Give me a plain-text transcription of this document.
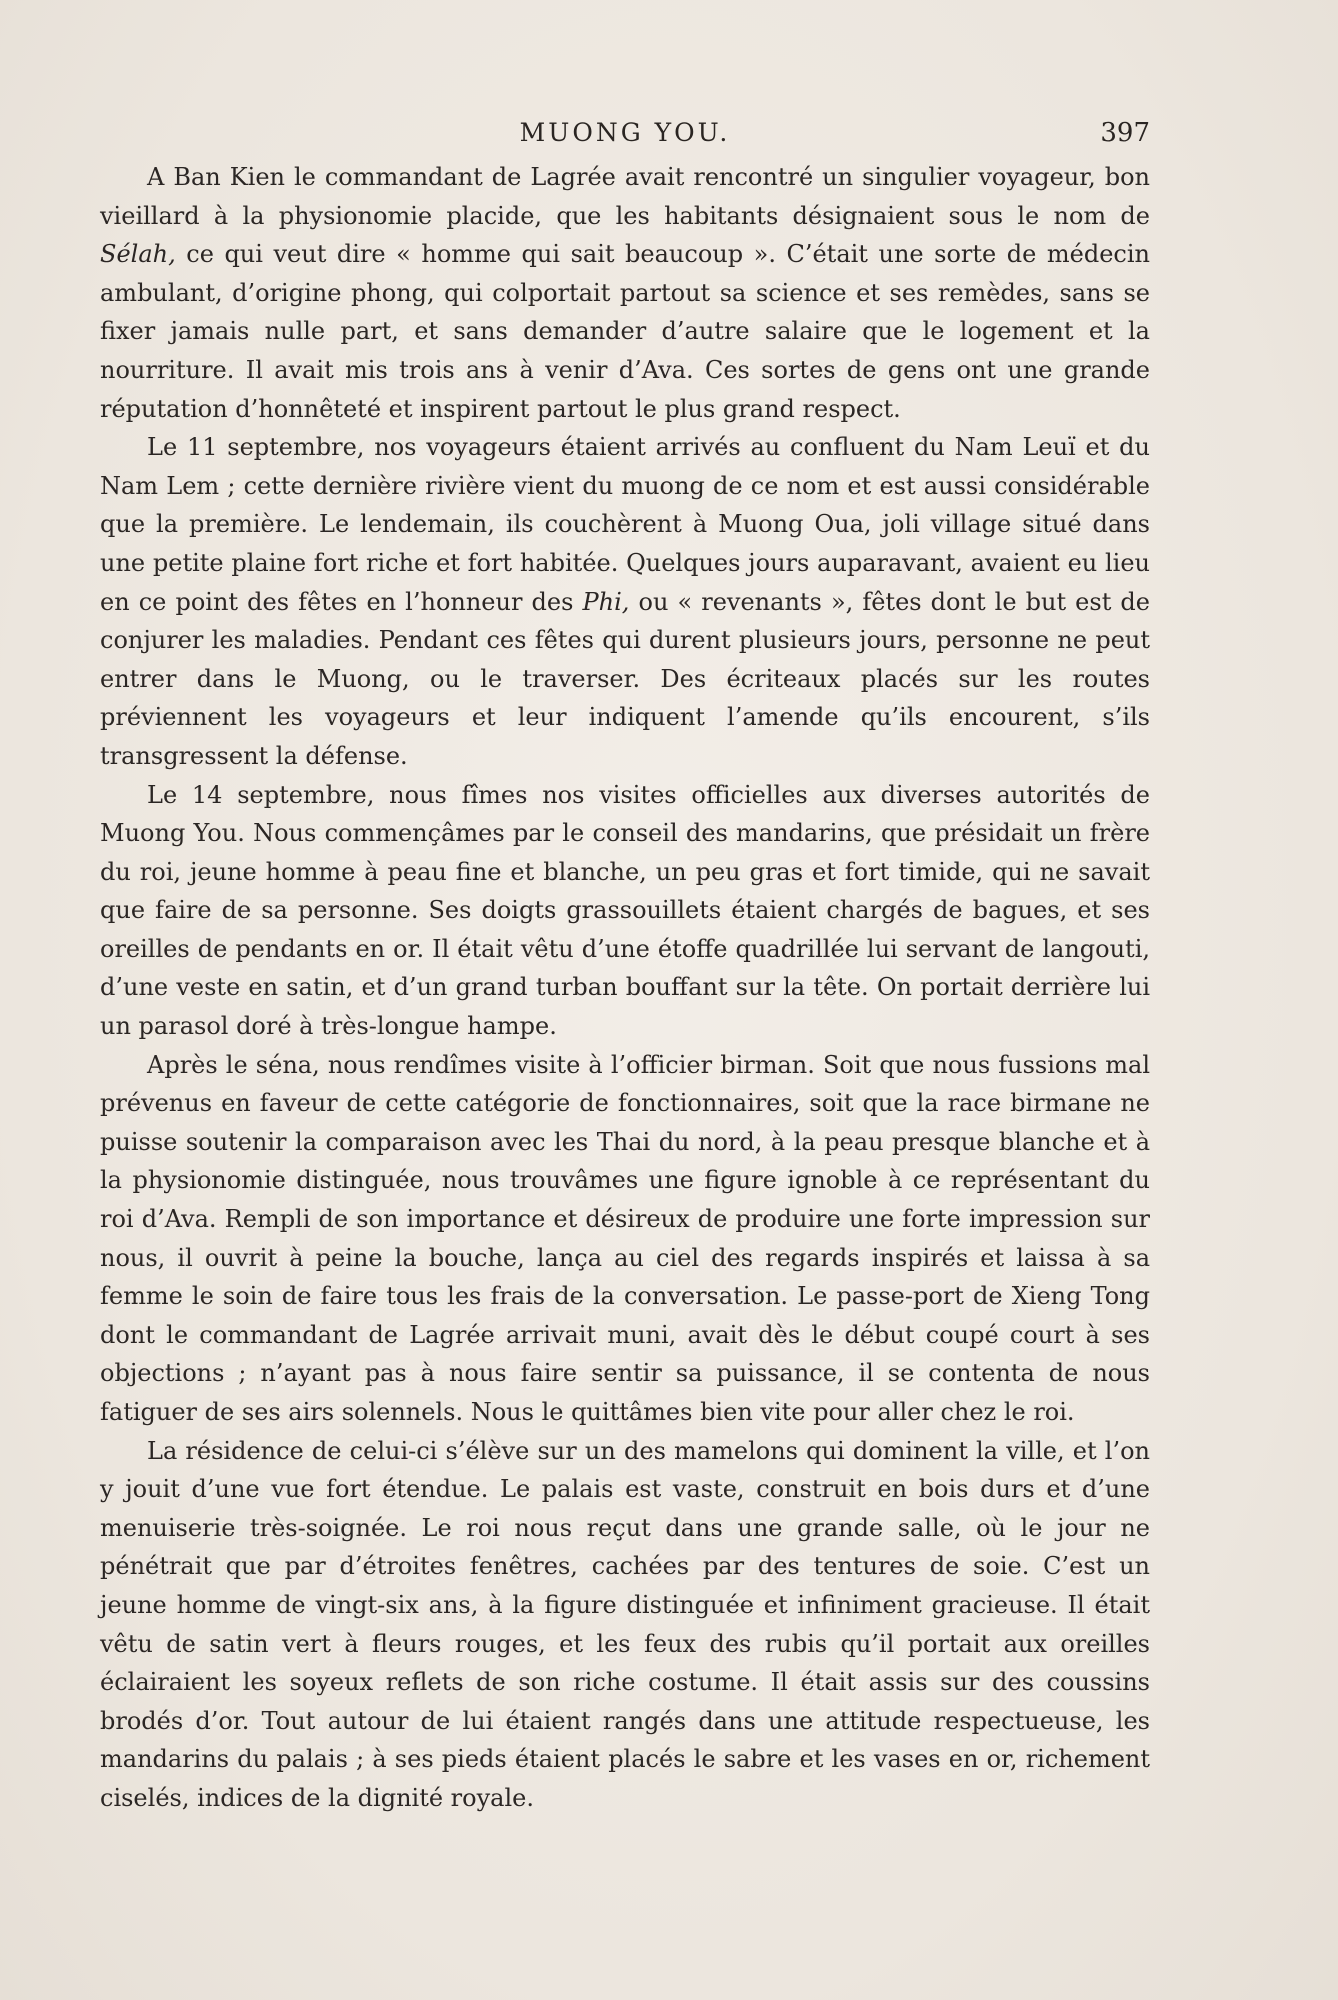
MUONG YOU.	397

A Ban Kien le commandant de Lagrée avait rencontré un singulier voyageur, bon vieillard à la physionomie placide, que les habitants désignaient sous le nom de Sélah, ce qui veut dire « homme qui sait beaucoup ». C’était une sorte de médecin ambulant, d’origine phong, qui colportait partout sa science et ses remèdes, sans se fixer jamais nulle part, et sans demander d’autre salaire que le logement et la nourriture. Il avait mis trois ans à venir d’Ava. Ces sortes de gens ont une grande réputation d’honnêteté et inspirent partout le plus grand respect.

Le 11 septembre, nos voyageurs étaient arrivés au confluent du Nam Leuï et du Nam Lem ; cette dernière rivière vient du muong de ce nom et est aussi considérable que la première. Le lendemain, ils couchèrent à Muong Oua, joli village situé dans une petite plaine fort riche et fort habitée. Quelques jours auparavant, avaient eu lieu en ce point des fêtes en l’honneur des Phi, ou « revenants », fêtes dont le but est de conjurer les maladies. Pendant ces fêtes qui durent plusieurs jours, personne ne peut entrer dans le Muong, ou le traverser. Des écriteaux placés sur les routes préviennent les voyageurs et leur indiquent l’amende qu’ils encourent, s’ils transgressent la défense.

Le 14 septembre, nous fîmes nos visites officielles aux diverses autorités de Muong You. Nous commençâmes par le conseil des mandarins, que présidait un frère du roi, jeune homme à peau fine et blanche, un peu gras et fort timide, qui ne savait que faire de sa personne. Ses doigts grassouillets étaient chargés de bagues, et ses oreilles de pendants en or. Il était vêtu d’une étoffe quadrillée lui servant de langouti, d’une veste en satin, et d’un grand turban bouffant sur la tête. On portait derrière lui un parasol doré à très-longue hampe.

Après le séna, nous rendîmes visite à l’officier birman. Soit que nous fussions mal prévenus en faveur de cette catégorie de fonctionnaires, soit que la race birmane ne puisse soutenir la comparaison avec les Thai du nord, à la peau presque blanche et à la physionomie distinguée, nous trouvâmes une figure ignoble à ce représentant du roi d’Ava. Rempli de son importance et désireux de produire une forte impression sur nous, il ouvrit à peine la bouche, lança au ciel des regards inspirés et laissa à sa femme le soin de faire tous les frais de la conversation. Le passe-port de Xieng Tong dont le commandant de Lagrée arrivait muni, avait dès le début coupé court à ses objections ; n’ayant pas à nous faire sentir sa puissance, il se contenta de nous fatiguer de ses airs solennels. Nous le quittâmes bien vite pour aller chez le roi.

La résidence de celui-ci s’élève sur un des mamelons qui dominent la ville, et l’on y jouit d’une vue fort étendue. Le palais est vaste, construit en bois durs et d’une menuiserie très-soignée. Le roi nous reçut dans une grande salle, où le jour ne pénétrait que par d’étroites fenêtres, cachées par des tentures de soie. C’est un jeune homme de vingt-six ans, à la figure distinguée et infiniment gracieuse. Il était vêtu de satin vert à fleurs rouges, et les feux des rubis qu’il portait aux oreilles éclairaient les soyeux reflets de son riche costume. Il était assis sur des coussins brodés d’or. Tout autour de lui étaient rangés dans une attitude respectueuse, les mandarins du palais ; à ses pieds étaient placés le sabre et les vases en or, richement ciselés, indices de la dignité royale.
